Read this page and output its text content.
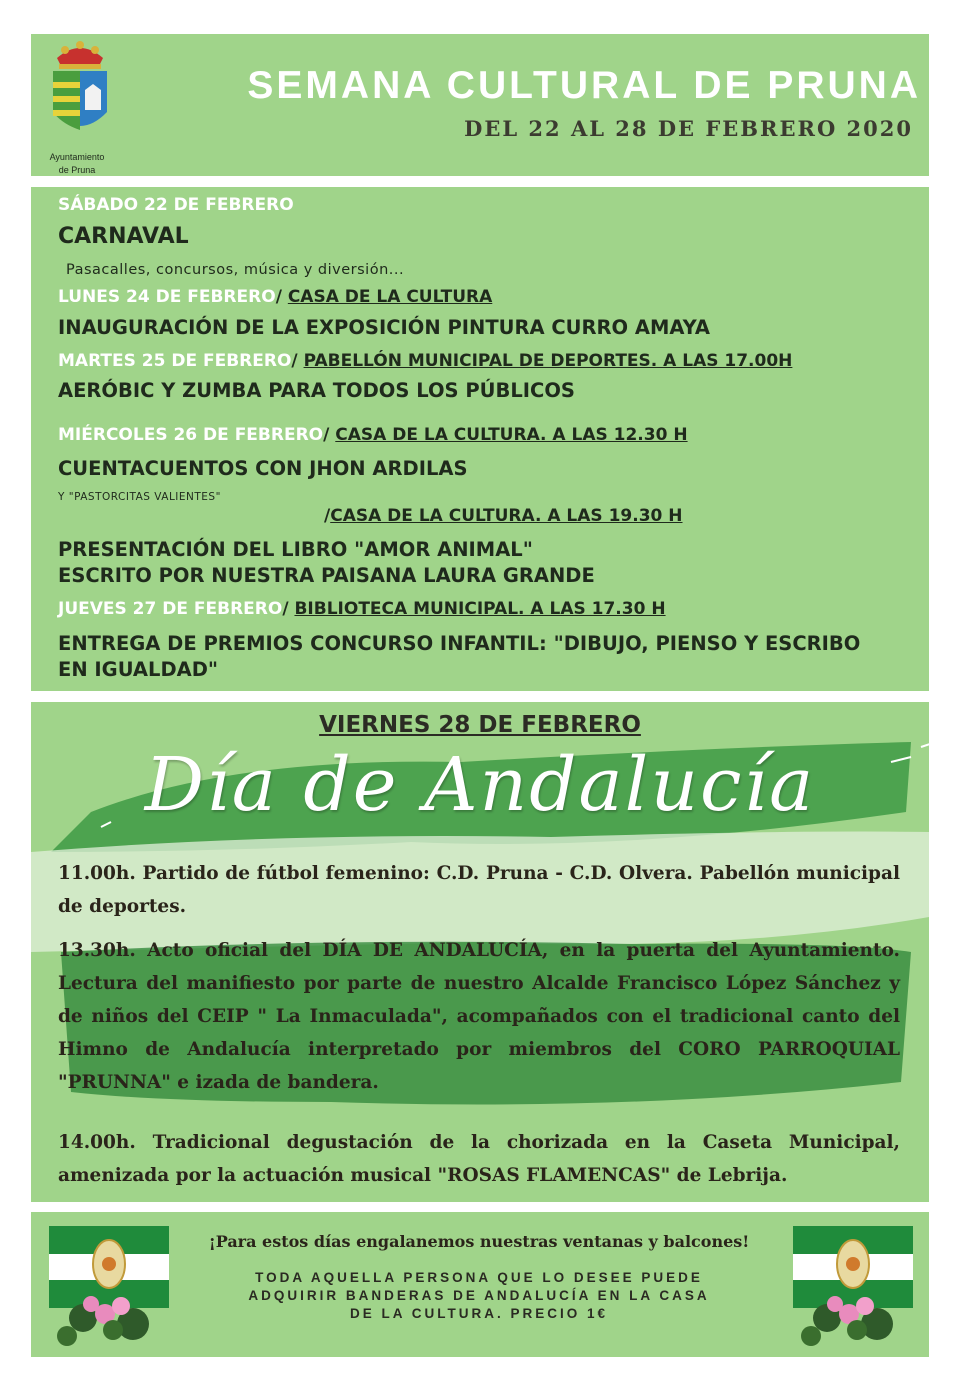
Ayuntamiento
de Pruna
SEMANA CULTURAL DE PRUNA
DEL 22 AL 28 DE FEBRERO 2020
SÁBADO 22 DE FEBRERO
CARNAVAL
Pasacalles, concursos, música y diversión...
LUNES 24 DE FEBRERO/ CASA DE LA CULTURA
INAUGURACIÓN DE LA EXPOSICIÓN PINTURA CURRO AMAYA
MARTES 25 DE FEBRERO/ PABELLÓN MUNICIPAL DE DEPORTES. A LAS 17.00H
AERÓBIC Y ZUMBA PARA TODOS LOS PÚBLICOS
MIÉRCOLES 26 DE FEBRERO/ CASA DE LA CULTURA. A LAS 12.30 H
CUENTACUENTOS CON JHON ARDILAS
Y "PASTORCITAS VALIENTES"
/CASA DE LA CULTURA. A LAS 19.30 H
PRESENTACIÓN DEL LIBRO "AMOR ANIMAL"
ESCRITO POR NUESTRA PAISANA LAURA GRANDE
JUEVES 27 DE FEBRERO/ BIBLIOTECA MUNICIPAL. A LAS 17.30 H
ENTREGA DE PREMIOS CONCURSO INFANTIL: "DIBUJO, PIENSO Y ESCRIBO
EN IGUALDAD"
VIERNES 28 DE FEBRERO
Día de Andalucía
11.00h. Partido de fútbol femenino: C.D. Pruna - C.D. Olvera. Pabellón municipal de deportes.
13.30h. Acto oficial del DÍA DE ANDALUCÍA, en la puerta del Ayuntamiento. Lectura del manifiesto por parte de nuestro Alcalde Francisco López Sánchez y de niños del CEIP " La Inmaculada", acompañados con el tradicional canto del Himno de Andalucía interpretado por miembros del CORO PARROQUIAL "PRUNNA" e izada de bandera.
14.00h. Tradicional degustación de la chorizada en la Caseta Municipal, amenizada por la actuación musical "ROSAS FLAMENCAS" de Lebrija.
¡Para estos días engalanemos nuestras ventanas y balcones!
TODA AQUELLA PERSONA QUE LO DESEE PUEDE
ADQUIRIR BANDERAS DE ANDALUCÍA EN LA CASA
DE LA CULTURA. PRECIO 1€
